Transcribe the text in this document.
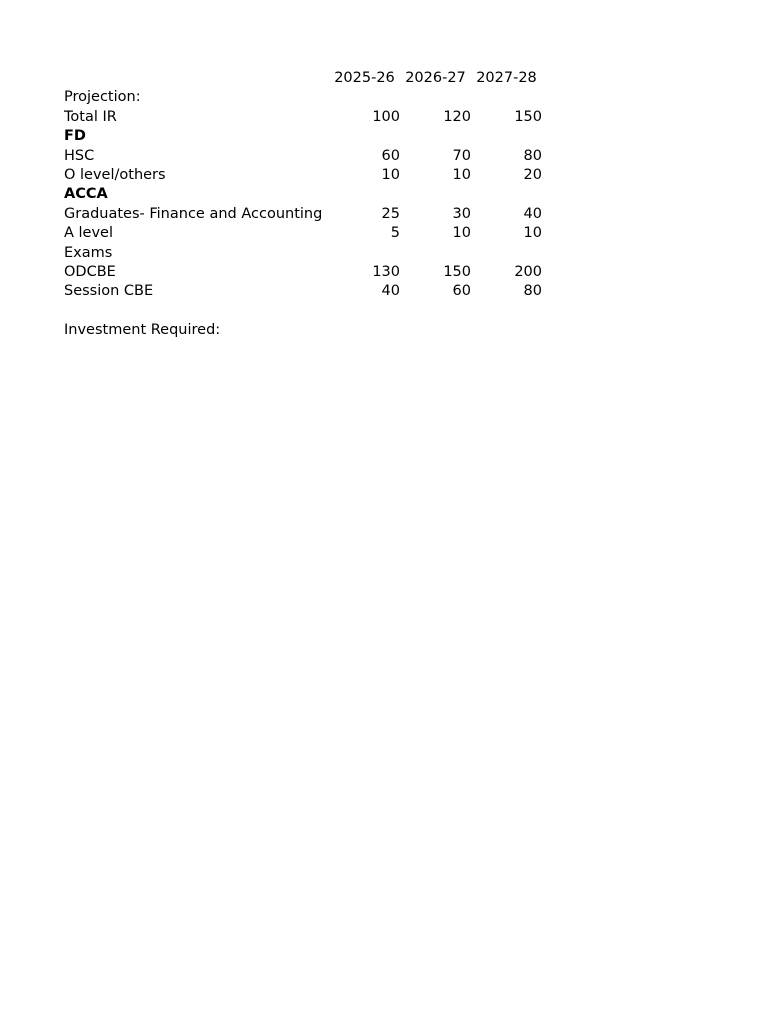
2025-26 2026-27 2027-28
Projection:
Total IR	100	120	150
FD
HSC	60	70	80
O level/others	10	10	20
ACCA
Graduates- Finance and Accounting	25	30	40
A level	5	10	10
Exams
ODCBE	130	150	200
Session CBE	40	60	80
Investment Required:
